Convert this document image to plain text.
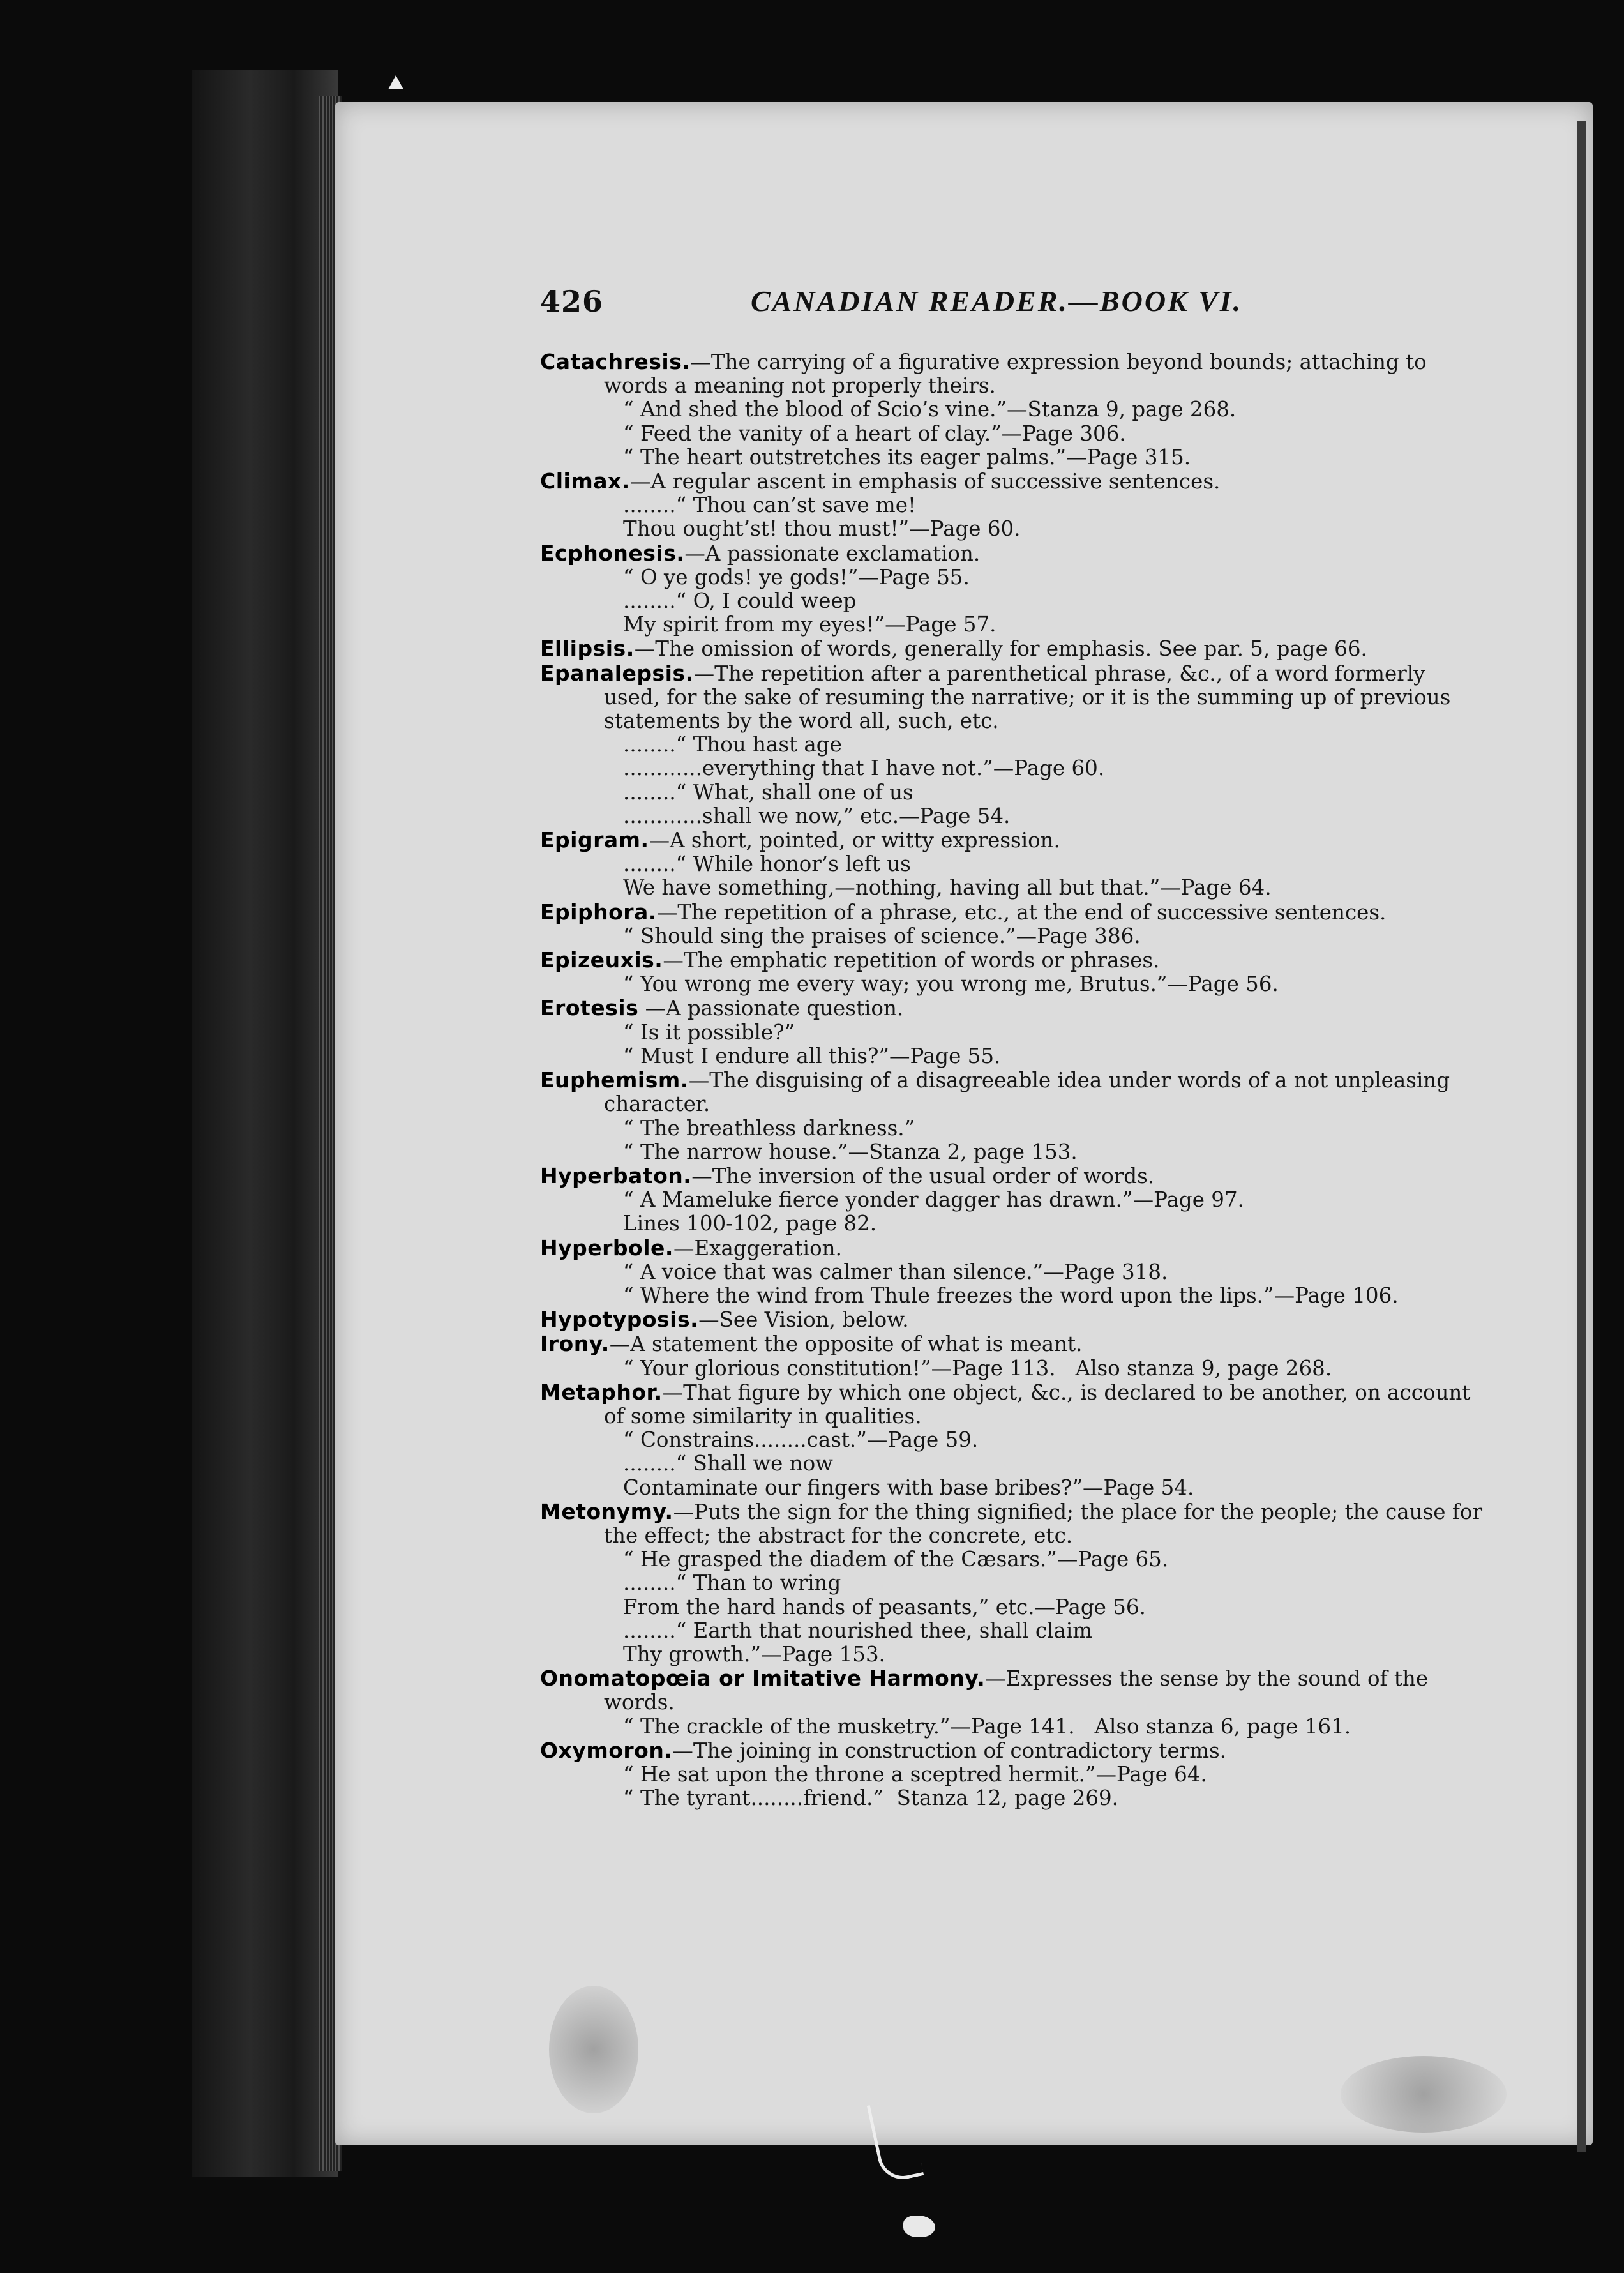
426	CANADIAN READER.—BOOK VI.
Catachresis.—The carrying of a figurative expression beyond bounds; attaching to words a meaning not properly theirs.
“ And shed the blood of Scio’s vine.”—Stanza 9, page 268.
“ Feed the vanity of a heart of clay.”—Page 306.
“ The heart outstretches its eager palms.”—Page 315.
Climax.—A regular ascent in emphasis of successive sentences.
........“ Thou can’st save me!
Thou ought’st! thou must!”—Page 60.
Ecphonesis.—A passionate exclamation.
“ O ye gods! ye gods!”—Page 55.
........“ O, I could weep
My spirit from my eyes!”—Page 57.
Ellipsis.—The omission of words, generally for emphasis. See par. 5, page 66.
Epanalepsis.—The repetition after a parenthetical phrase, &c., of a word formerly used, for the sake of resuming the narrative; or it is the summing up of previous statements by the word all, such, etc.
........“ Thou hast age
............everything that I have not.”—Page 60.
........“ What, shall one of us
............shall we now,” etc.—Page 54.
Epigram.—A short, pointed, or witty expression.
........“ While honor’s left us
We have something,—nothing, having all but that.”—Page 64.
Epiphora.—The repetition of a phrase, etc., at the end of successive sentences.
“ Should sing the praises of science.”—Page 386.
Epizeuxis.—The emphatic repetition of words or phrases.
“ You wrong me every way; you wrong me, Brutus.”—Page 56.
Erotesis —A passionate question.
“ Is it possible?”
“ Must I endure all this?”—Page 55.
Euphemism.—The disguising of a disagreeable idea under words of a not unpleasing character.
“ The breathless darkness.”
“ The narrow house.”—Stanza 2, page 153.
Hyperbaton.—The inversion of the usual order of words.
“ A Mameluke fierce yonder dagger has drawn.”—Page 97.
Lines 100-102, page 82.
Hyperbole.—Exaggeration.
“ A voice that was calmer than silence.”—Page 318.
“ Where the wind from Thule freezes the word upon the lips.”—Page 106.
Hypotyposis.—See Vision, below.
Irony.—A statement the opposite of what is meant.
“ Your glorious constitution!”—Page 113.   Also stanza 9, page 268.
Metaphor.—That figure by which one object, &c., is declared to be another, on account of some similarity in qualities.
“ Constrains........cast.”—Page 59.
........“ Shall we now
Contaminate our fingers with base bribes?”—Page 54.
Metonymy.—Puts the sign for the thing signified; the place for the people; the cause for the effect; the abstract for the concrete, etc.
“ He grasped the diadem of the Cæsars.”—Page 65.
........“ Than to wring
From the hard hands of peasants,” etc.—Page 56.
........“ Earth that nourished thee, shall claim
Thy growth.”—Page 153.
Onomatopœia or Imitative Harmony.—Expresses the sense by the sound of the words.
“ The crackle of the musketry.”—Page 141.   Also stanza 6, page 161.
Oxymoron.—The joining in construction of contradictory terms.
“ He sat upon the throne a sceptred hermit.”—Page 64.
“ The tyrant........friend.”  Stanza 12, page 269.
